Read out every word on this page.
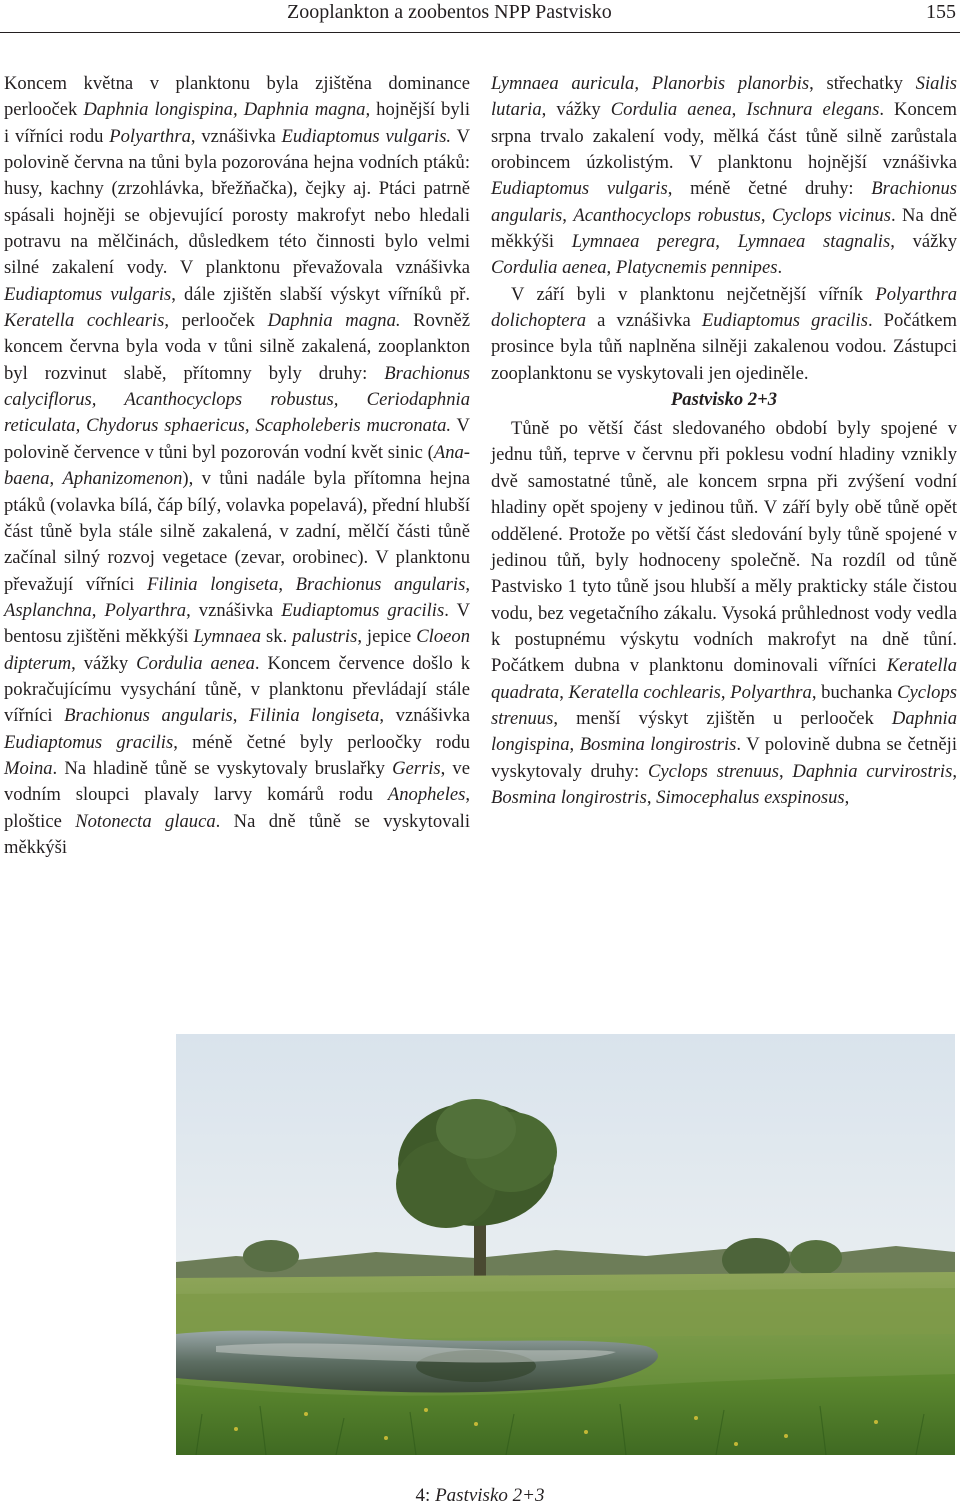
Zooplankton a zoobentos NPP Pastvisko	155

Koncem května v planktonu byla zjištěna dominance perlooček Daphnia longispina, Daphnia magna, hojnější byli i vířníci rodu Polyarthra, vznášivka Eudiaptomus vulgaris. V polovině června na tůni byla pozorována hejna vodních ptáků: husy, kachny (zrzohlávka, břežňačka), čejky aj. Ptáci patrně spásali hojněji se objevující porosty makrofyt nebo hledali potravu na mělčinách, důsledkem této činnosti bylo velmi silné zakalení vody. V planktonu převažovala vznášivka Eudiaptomus vulgaris, dále zjištěn slabší výskyt vířníků př. Keratella cochlearis, perlooček Daphnia magna. Rovněž koncem června byla voda v tůni silně zakalená, zooplankton byl rozvinut slabě, přítomny byly druhy: Brachionus calyciflorus, Acanthocyclops robustus, Ceriodaphnia reticulata, Chydorus sphaericus, Scapholeberis mucronata. V polovině července v tůni byl pozorován vodní květ sinic (Anabaena, Aphanizomenon), v tůni nadále byla přítomna hejna ptáků (volavka bílá, čáp bílý, volavka popelavá), přední hlubší část tůně byla stále silně zakalená, v zadní, mělčí části tůně začínal silný rozvoj vegetace (zevar, orobinec). V planktonu převažují vířníci Filinia longiseta, Brachionus angularis, Asplanchna, Polyarthra, vznášivka Eudiaptomus gracilis. V bentosu zjištěni měkkýši Lymnaea sk. palustris, jepice Cloeon dipterum, vážky Cordulia aenea. Koncem července došlo k pokračujícímu vysychání tůně, v planktonu převládají stále vířníci Brachionus angularis, Filinia longiseta, vznášivka Eudiaptomus gracilis, méně četné byly perloočky rodu Moina. Na hladině tůně se vyskytovaly bruslařky Gerris, ve vodním sloupci plavaly larvy komárů rodu Anopheles, ploštice Notonecta glauca. Na dně tůně se vyskytovali měkkýši

Lymnaea auricula, Planorbis planorbis, střechatky Sialis lutaria, vážky Cordulia aenea, Ischnura elegans. Koncem srpna trvalo zakalení vody, mělká část tůně silně zarůstala orobincem úzkolistým. V planktonu hojnější vznášivka Eudiaptomus vulgaris, méně četné druhy: Brachionus angularis, Acanthocyclops robustus, Cyclops vicinus. Na dně měkkýši Lymnaea peregra, Lymnaea stagnalis, vážky Cordulia aenea, Platycnemis pennipes.

V září byli v planktonu nejčetnější vířník Polyarthra dolichoptera a vznášivka Eudiaptomus gracilis. Počátkem prosince byla tůň naplněna silněji zakalenou vodou. Zástupci zooplanktonu se vyskytovali jen ojediněle.

Pastvisko 2+3

Tůně po větší část sledovaného období byly spojené v jednu tůň, teprve v červnu při poklesu vodní hladiny vznikly dvě samostatné tůně, ale koncem srpna při zvýšení vodní hladiny opět spojeny v jedinou tůň. V září byly obě tůně opět oddělené. Protože po větší část sledování byly tůně spojené v jedinou tůň, byly hodnoceny společně. Na rozdíl od tůně Pastvisko 1 tyto tůně jsou hlubší a měly prakticky stále čistou vodu, bez vegetačního zákalu. Vysoká průhlednost vody vedla k postupnému výskytu vodních makrofyt na dně tůní. Počátkem dubna v planktonu dominovali vířníci Keratella quadrata, Keratella cochlearis, Polyarthra, buchanka Cyclops strenuus, menší výskyt zjištěn u perlooček Daphnia longispina, Bosmina longirostris. V polovině dubna se četněji vyskytovaly druhy: Cyclops strenuus, Daphnia curvirostris, Bosmina longirostris, Simocephalus exspinosus,

4: Pastvisko 2+3
